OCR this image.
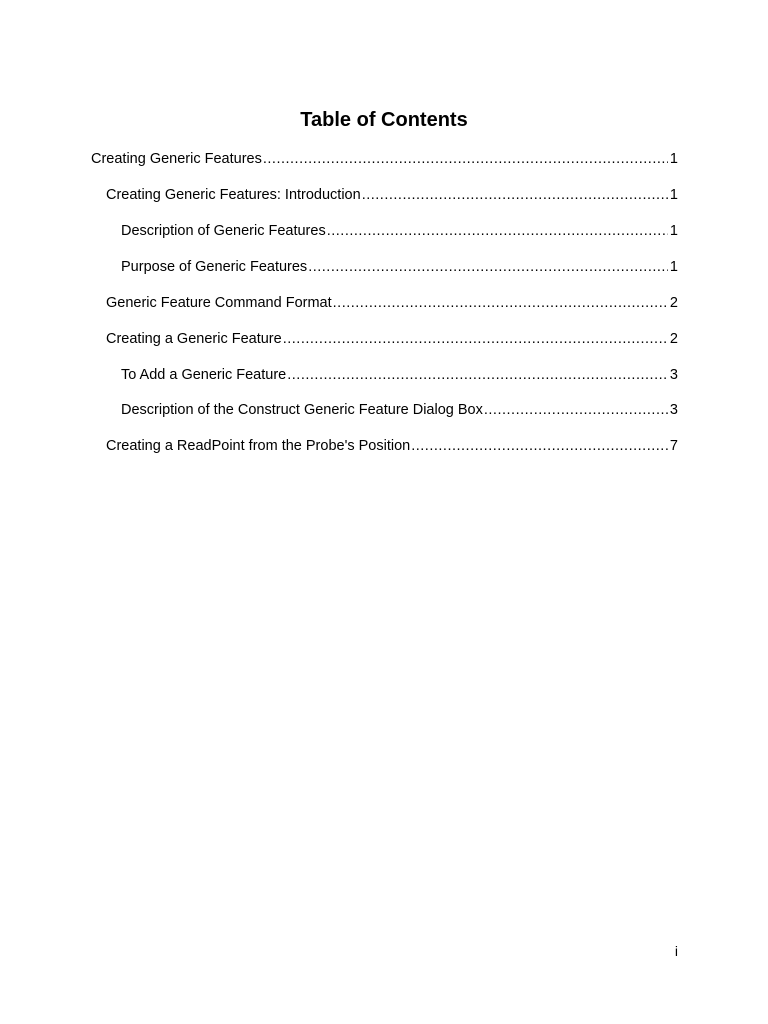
Table of Contents
Creating Generic Features .....	1
Creating Generic Features: Introduction .....	1
Description of Generic Features .....	1
Purpose of Generic Features .....	1
Generic Feature Command Format .....	2
Creating a Generic Feature .....	2
To Add a Generic Feature .....	3
Description of the Construct Generic Feature Dialog Box .....	3
Creating a ReadPoint from the Probe's Position .....	7
i
